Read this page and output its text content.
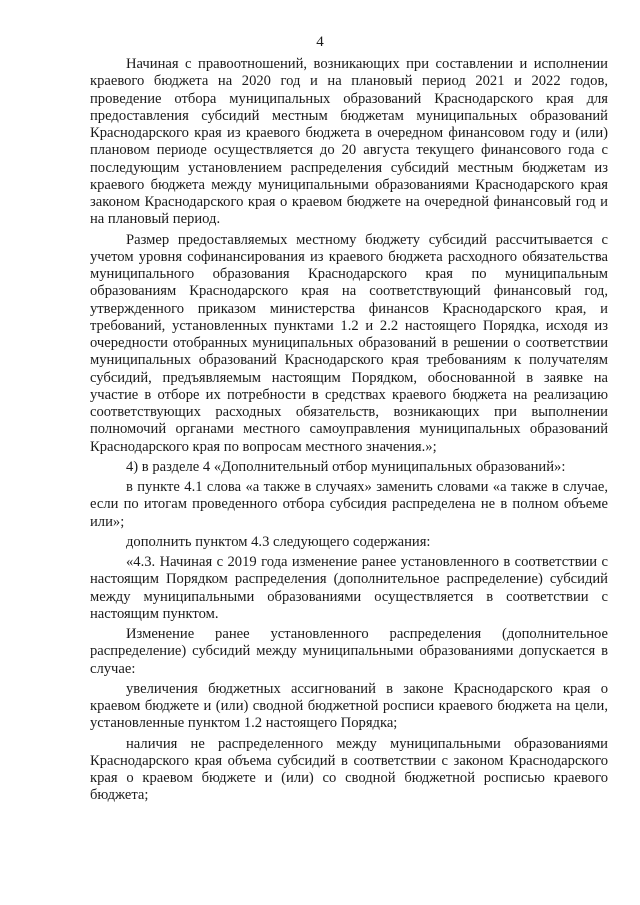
4

Начиная с правоотношений, возникающих при составлении и исполнении краевого бюджета на 2020 год и на плановый период 2021 и 2022 годов, проведение отбора муниципальных образований Краснодарского края для предоставления субсидий местным бюджетам муниципальных образований Краснодарского края из краевого бюджета в очередном финансовом году и (или) плановом периоде осуществляется до 20 августа текущего финансового года с последующим установлением распределения субсидий местным бюджетам из краевого бюджета между муниципальными образованиями Краснодарского края законом Краснодарского края о краевом бюджете на очередной финансовый год и на плановый период.

Размер предоставляемых местному бюджету субсидий рассчитывается с учетом уровня софинансирования из краевого бюджета расходного обязательства муниципального образования Краснодарского края по муниципальным образованиям Краснодарского края на соответствующий финансовый год, утвержденного приказом министерства финансов Краснодарского края, и требований, установленных пунктами 1.2 и 2.2 настоящего Порядка, исходя из очередности отобранных муниципальных образований в решении о соответствии муниципальных образований Краснодарского края требованиям к получателям субсидий, предъявляемым настоящим Порядком, обоснованной в заявке на участие в отборе их потребности в средствах краевого бюджета на реализацию соответствующих расходных обязательств, возникающих при выполнении полномочий органами местного самоуправления муниципальных образований Краснодарского края по вопросам местного значения.»;

4) в разделе 4 «Дополнительный отбор муниципальных образований»:

в пункте 4.1 слова «а также в случаях» заменить словами «а также в случае, если по итогам проведенного отбора субсидия распределена не в полном объеме или»;

дополнить пунктом 4.3 следующего содержания:

«4.3. Начиная с 2019 года изменение ранее установленного в соответствии с настоящим Порядком распределения (дополнительное распределение) субсидий между муниципальными образованиями осуществляется в соответствии с настоящим пунктом.

Изменение ранее установленного распределения (дополнительное распределение) субсидий между муниципальными образованиями допускается в случае:

увеличения бюджетных ассигнований в законе Краснодарского края о краевом бюджете и (или) сводной бюджетной росписи краевого бюджета на цели, установленные пунктом 1.2 настоящего Порядка;

наличия не распределенного между муниципальными образованиями Краснодарского края объема субсидий в соответствии с законом Краснодарского края о краевом бюджете и (или) со сводной бюджетной росписью краевого бюджета;
